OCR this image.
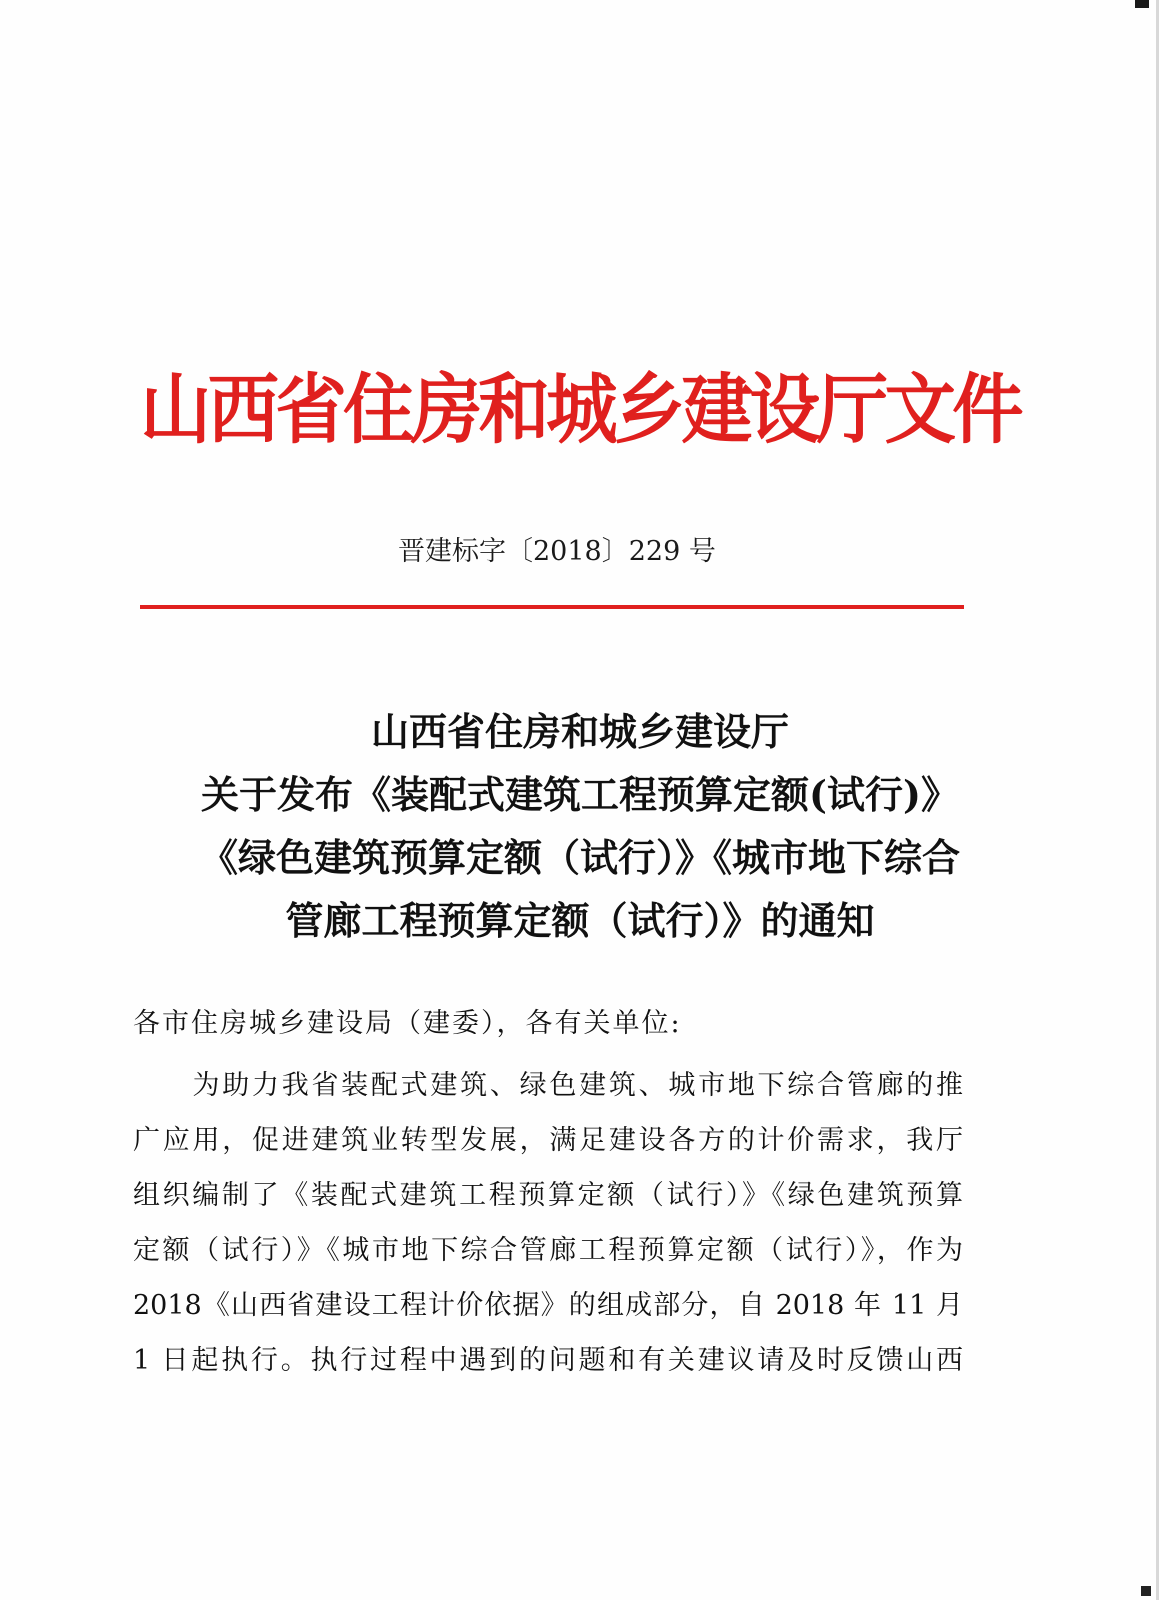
山西省住房和城乡建设厅文件
晋建标字〔2018〕229 号
山西省住房和城乡建设厅
关于发布《装配式建筑工程预算定额(试行)》
《绿色建筑预算定额（试行）》《城市地下综合
管廊工程预算定额（试行）》的通知
各市住房城乡建设局（建委），各有关单位:
　　为助力我省装配式建筑、绿色建筑、城市地下综合管廊的推
广应用，促进建筑业转型发展，满足建设各方的计价需求，我厅
组织编制了《装配式建筑工程预算定额（试行）》《绿色建筑预算
定额（试行）》《城市地下综合管廊工程预算定额（试行）》，作为
2018《山西省建设工程计价依据》的组成部分，自 2018 年 11 月
1 日起执行。执行过程中遇到的问题和有关建议请及时反馈山西
